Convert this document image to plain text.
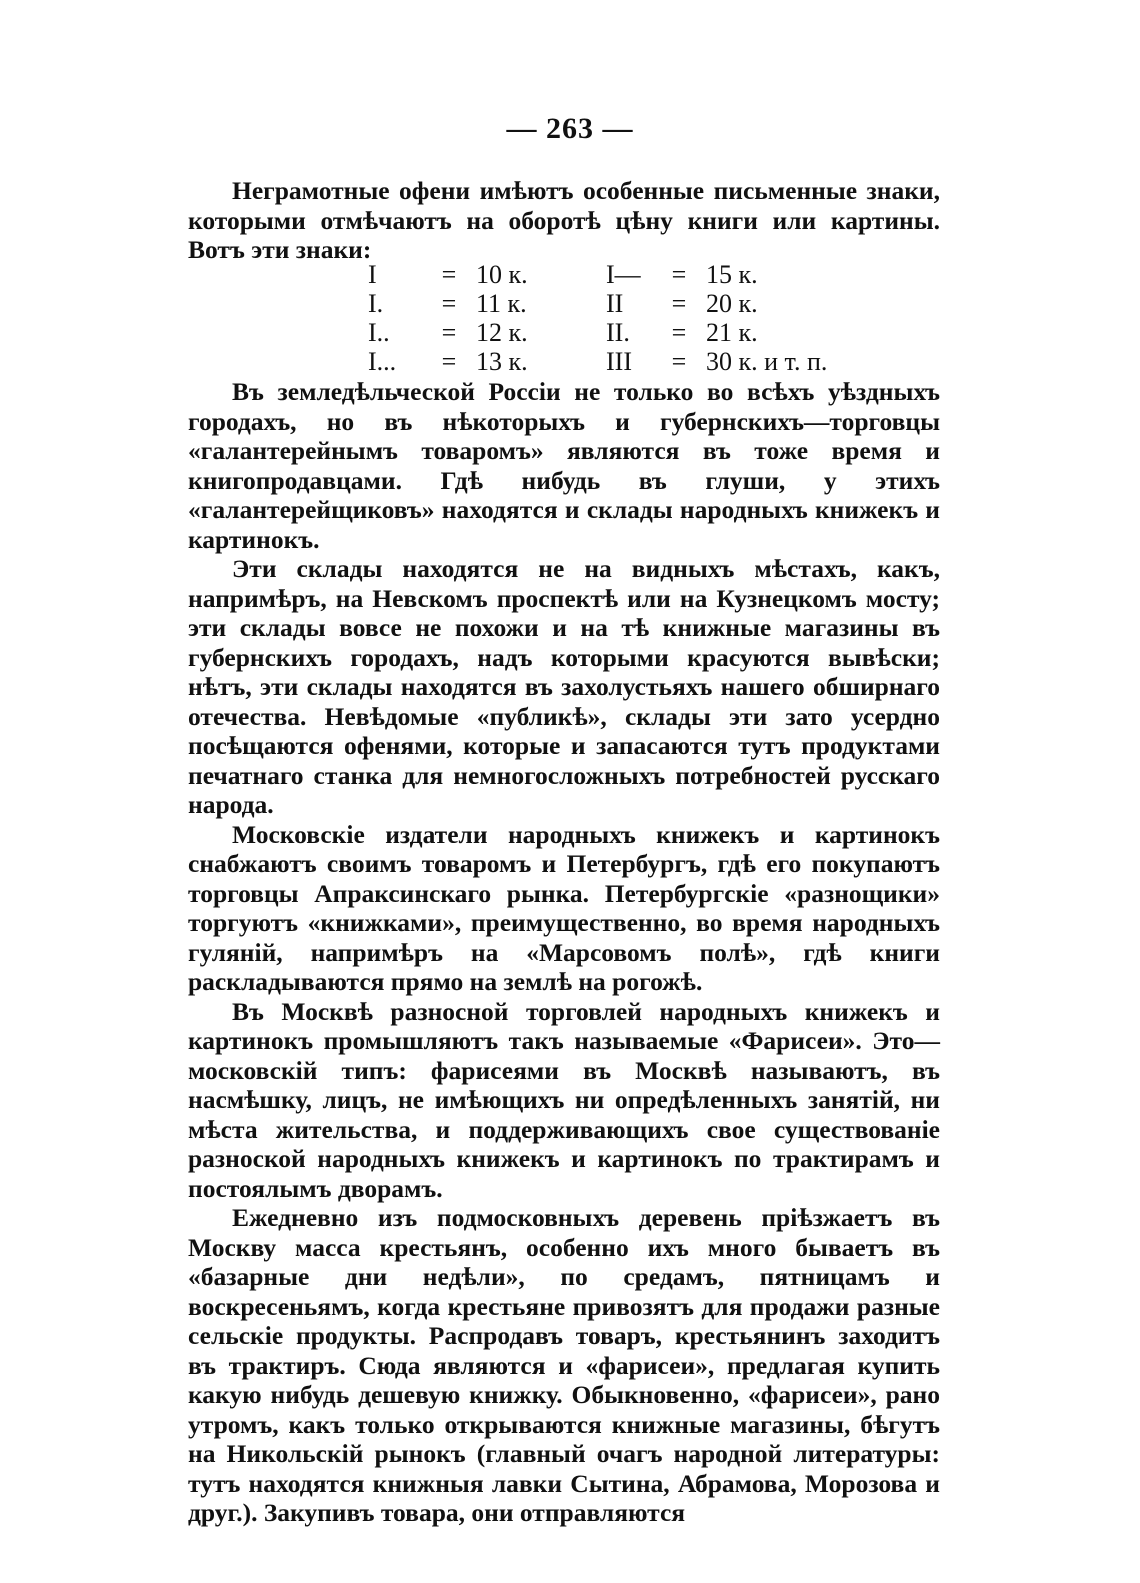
— 263 —

Неграмотные офени имѣютъ особенные письменные знаки, которыми отмѣчаютъ на оборотѣ цѣну книги или картины. Вотъ эти знаки:

I	= 10 к.	I—	= 15 к.
I.	= 11 к.	II	= 20 к.
I..	= 12 к.	II.	= 21 к.
I...	= 13 к.	III	= 30 к. и т. п.

Въ земледѣльческой Россіи не только во всѣхъ уѣздныхъ городахъ, но въ нѣкоторыхъ и губернскихъ—торговцы «галантерейнымъ товаромъ» являются въ тоже время и книгопродавцами. Гдѣ нибудь въ глуши, у этихъ «галантерейщиковъ» находятся и склады народныхъ книжекъ и картинокъ.

Эти склады находятся не на видныхъ мѣстахъ, какъ, напримѣръ, на Невскомъ проспектѣ или на Кузнецкомъ мосту; эти склады вовсе не похожи и на тѣ книжные магазины въ губернскихъ городахъ, надъ которыми красуются вывѣски; нѣтъ, эти склады находятся въ захолустьяхъ нашего обширнаго отечества. Невѣдомые «публикѣ», склады эти зато усердно посѣщаются офенями, которые и запасаются тутъ продуктами печатнаго станка для немногосложныхъ потребностей русскаго народа.

Московскіе издатели народныхъ книжекъ и картинокъ снабжаютъ своимъ товаромъ и Петербургъ, гдѣ его покупаютъ торговцы Апраксинскаго рынка. Петербургскіе «разнощики» торгуютъ «книжками», преимущественно, во время народныхъ гуляній, напримѣръ на «Марсовомъ полѣ», гдѣ книги раскладываются прямо на землѣ на рогожѣ.

Въ Москвѣ разносной торговлей народныхъ книжекъ и картинокъ промышляютъ такъ называемые «Фарисеи». Это—московскій типъ: фарисеями въ Москвѣ называютъ, въ насмѣшку, лицъ, не имѣющихъ ни опредѣленныхъ занятій, ни мѣста жительства, и поддерживающихъ свое существованіе разноской народныхъ книжекъ и картинокъ по трактирамъ и постоялымъ дворамъ.

Ежедневно изъ подмосковныхъ деревень пріѣзжаетъ въ Москву масса крестьянъ, особенно ихъ много бываетъ въ «базарные дни недѣли», по средамъ, пятницамъ и воскресеньямъ, когда крестьяне привозятъ для продажи разные сельскіе продукты. Распродавъ товаръ, крестьянинъ заходитъ въ трактиръ. Сюда являются и «фарисеи», предлагая купить какую нибудь дешевую книжку. Обыкновенно, «фарисеи», рано утромъ, какъ только открываются книжные магазины, бѣгутъ на Никольскій рынокъ (главный очагъ народной литературы: тутъ находятся книжныя лавки Сытина, Абрамова, Морозова и друг.). Закупивъ товара, они отправляются
